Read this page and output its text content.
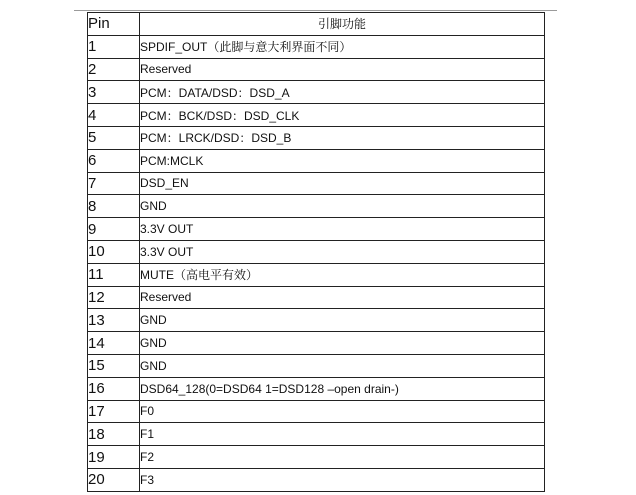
Pin	引脚功能
1	SPDIF_OUT（此脚与意大利界面不同）
2	Reserved
3	PCM：DATA/DSD：DSD_A
4	PCM：BCK/DSD：DSD_CLK
5	PCM：LRCK/DSD：DSD_B
6	PCM:MCLK
7	DSD_EN
8	GND
9	3.3V OUT
10	3.3V OUT
11	MUTE（高电平有效）
12	Reserved
13	GND
14	GND
15	GND
16	DSD64_128(0=DSD64 1=DSD128 –open drain-)
17	F0
18	F1
19	F2
20	F3
